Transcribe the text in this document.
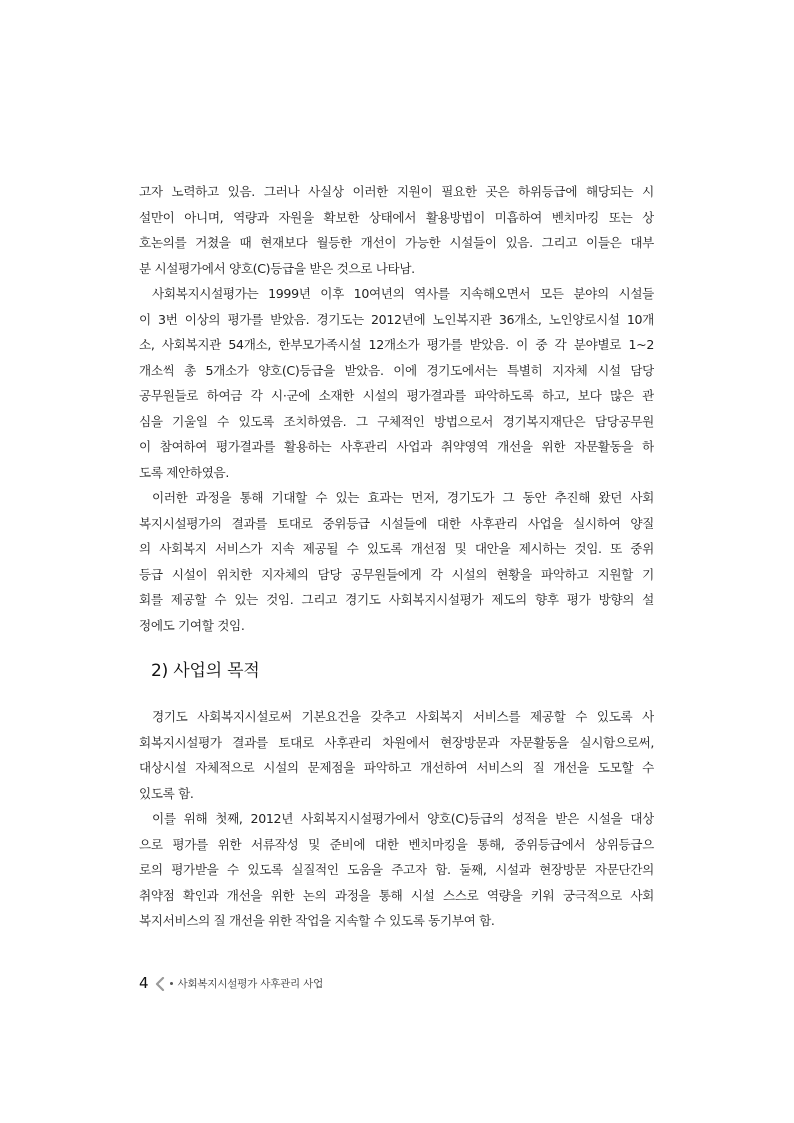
고자 노력하고 있음. 그러나 사실상 이러한 지원이 필요한 곳은 하위등급에 해당되는 시
설만이 아니며, 역량과 자원을 확보한 상태에서 활용방법이 미흡하여 벤치마킹 또는 상
호논의를 거쳤을 때 현재보다 월등한 개선이 가능한 시설들이 있음. 그리고 이들은 대부
분 시설평가에서 양호(C)등급을 받은 것으로 나타남.
사회복지시설평가는 1999년 이후 10여년의 역사를 지속해오면서 모든 분야의 시설들
이 3번 이상의 평가를 받았음. 경기도는 2012년에 노인복지관 36개소, 노인양로시설 10개
소, 사회복지관 54개소, 한부모가족시설 12개소가 평가를 받았음. 이 중 각 분야별로 1~2
개소씩 총 5개소가 양호(C)등급을 받았음. 이에 경기도에서는 특별히 지자체 시설 담당
공무원들로 하여금 각 시·군에 소재한 시설의 평가결과를 파악하도록 하고, 보다 많은 관
심을 기울일 수 있도록 조치하였음. 그 구체적인 방법으로서 경기복지재단은 담당공무원
이 참여하여 평가결과를 활용하는 사후관리 사업과 취약영역 개선을 위한 자문활동을 하
도록 제안하였음.
이러한 과정을 통해 기대할 수 있는 효과는 먼저, 경기도가 그 동안 추진해 왔던 사회
복지시설평가의 결과를 토대로 중위등급 시설들에 대한 사후관리 사업을 실시하여 양질
의 사회복지 서비스가 지속 제공될 수 있도록 개선점 및 대안을 제시하는 것임. 또 중위
등급 시설이 위치한 지자체의 담당 공무원들에게 각 시설의 현황을 파악하고 지원할 기
회를 제공할 수 있는 것임. 그리고 경기도 사회복지시설평가 제도의 향후 평가 방향의 설
정에도 기여할 것임.
2) 사업의 목적
경기도 사회복지시설로써 기본요건을 갖추고 사회복지 서비스를 제공할 수 있도록 사
회복지시설평가 결과를 토대로 사후관리 차원에서 현장방문과 자문활동을 실시함으로써,
대상시설 자체적으로 시설의 문제점을 파악하고 개선하여 서비스의 질 개선을 도모할 수
있도록 함.
이를 위해 첫째, 2012년 사회복지시설평가에서 양호(C)등급의 성적을 받은 시설을 대상
으로 평가를 위한 서류작성 및 준비에 대한 벤치마킹을 통해, 중위등급에서 상위등급으
로의 평가받을 수 있도록 실질적인 도움을 주고자 함. 둘째, 시설과 현장방문 자문단간의
취약점 확인과 개선을 위한 논의 과정을 통해 시설 스스로 역량을 키워 궁극적으로 사회
복지서비스의 질 개선을 위한 작업을 지속할 수 있도록 동기부여 함.
4	사회복지시설평가 사후관리 사업
